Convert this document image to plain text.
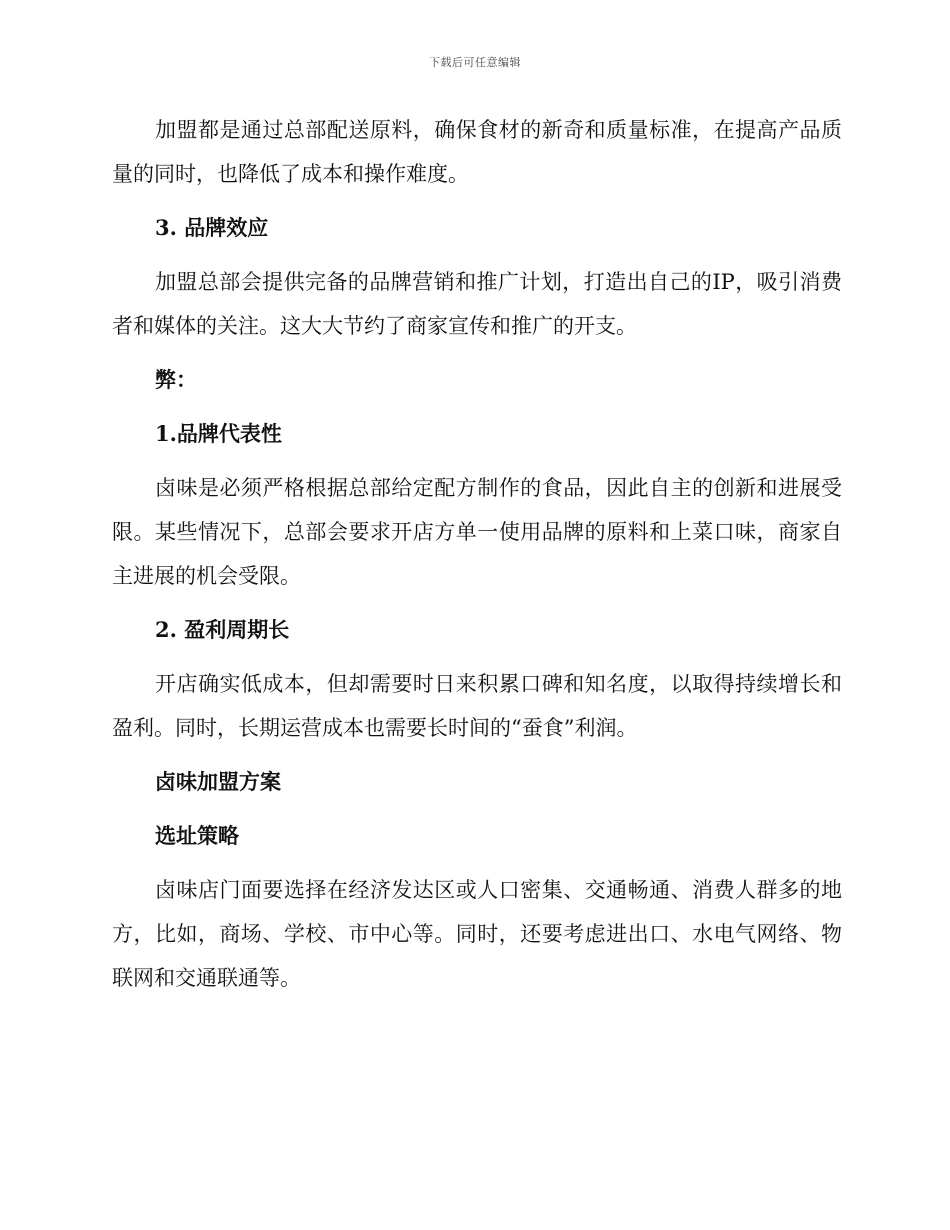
下载后可任意编辑

加盟都是通过总部配送原料，确保食材的新奇和质量标准，在提高产品质量的同时，也降低了成本和操作难度。

3. 品牌效应

加盟总部会提供完备的品牌营销和推广计划，打造出自己的IP，吸引消费者和媒体的关注。这大大节约了商家宣传和推广的开支。

弊：

1.品牌代表性

卤味是必须严格根据总部给定配方制作的食品，因此自主的创新和进展受限。某些情况下，总部会要求开店方单一使用品牌的原料和上菜口味，商家自主进展的机会受限。

2. 盈利周期长

开店确实低成本，但却需要时日来积累口碑和知名度，以取得持续增长和盈利。同时，长期运营成本也需要长时间的“蚕食”利润。

卤味加盟方案

选址策略

卤味店门面要选择在经济发达区或人口密集、交通畅通、消费人群多的地方，比如，商场、学校、市中心等。同时，还要考虑进出口、水电气网络、物联网和交通联通等。
